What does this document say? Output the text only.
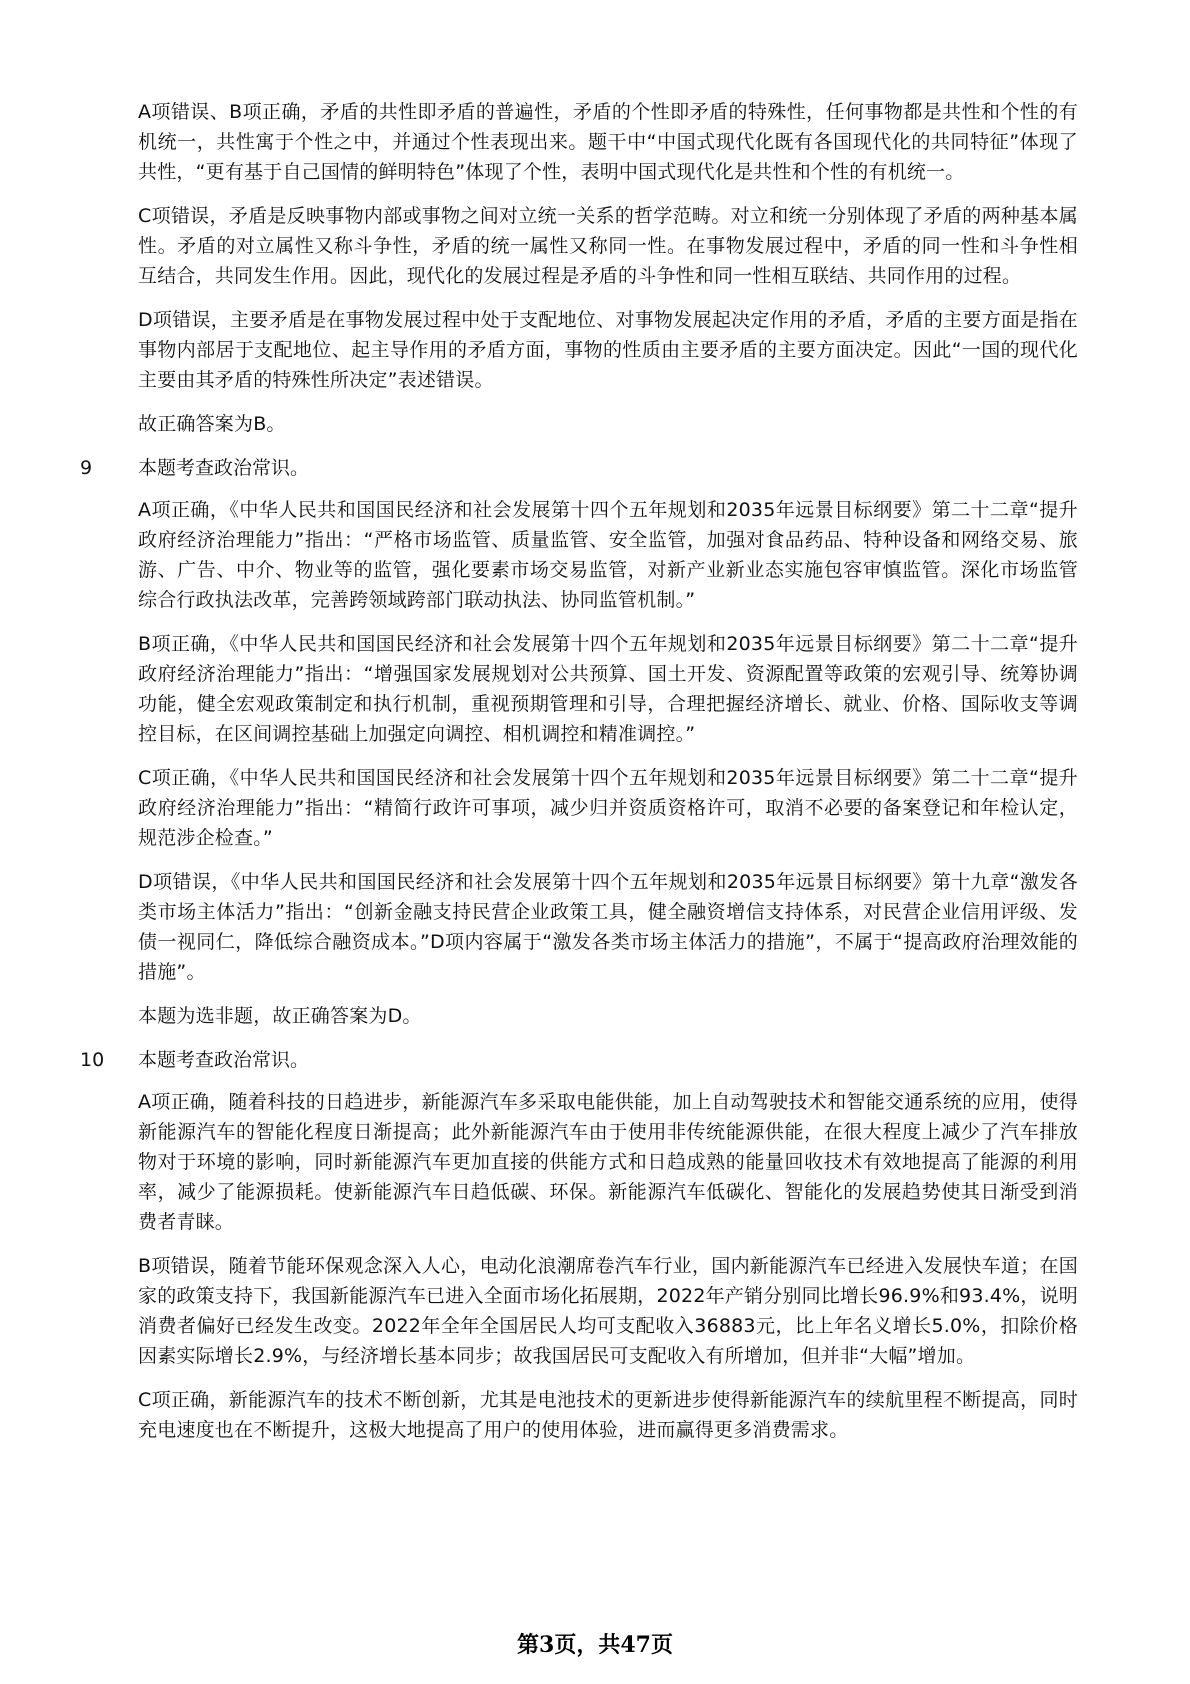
A项错误、B项正确，矛盾的共性即矛盾的普遍性，矛盾的个性即矛盾的特殊性，任何事物都是共性和个性的有机统一，共性寓于个性之中，并通过个性表现出来。题干中“中国式现代化既有各国现代化的共同特征”体现了共性，“更有基于自己国情的鲜明特色”体现了个性，表明中国式现代化是共性和个性的有机统一。

C项错误，矛盾是反映事物内部或事物之间对立统一关系的哲学范畴。对立和统一分别体现了矛盾的两种基本属性。矛盾的对立属性又称斗争性，矛盾的统一属性又称同一性。在事物发展过程中，矛盾的同一性和斗争性相互结合，共同发生作用。因此，现代化的发展过程是矛盾的斗争性和同一性相互联结、共同作用的过程。

D项错误，主要矛盾是在事物发展过程中处于支配地位、对事物发展起决定作用的矛盾，矛盾的主要方面是指在事物内部居于支配地位、起主导作用的矛盾方面，事物的性质由主要矛盾的主要方面决定。因此“一国的现代化主要由其矛盾的特殊性所决定”表述错误。

故正确答案为B。

9	本题考查政治常识。

A项正确，《中华人民共和国国民经济和社会发展第十四个五年规划和2035年远景目标纲要》第二十二章“提升政府经济治理能力”指出：“严格市场监管、质量监管、安全监管，加强对食品药品、特种设备和网络交易、旅游、广告、中介、物业等的监管，强化要素市场交易监管，对新产业新业态实施包容审慎监管。深化市场监管综合行政执法改革，完善跨领域跨部门联动执法、协同监管机制。”

B项正确，《中华人民共和国国民经济和社会发展第十四个五年规划和2035年远景目标纲要》第二十二章“提升政府经济治理能力”指出：“增强国家发展规划对公共预算、国土开发、资源配置等政策的宏观引导、统筹协调功能，健全宏观政策制定和执行机制，重视预期管理和引导，合理把握经济增长、就业、价格、国际收支等调控目标，在区间调控基础上加强定向调控、相机调控和精准调控。”

C项正确，《中华人民共和国国民经济和社会发展第十四个五年规划和2035年远景目标纲要》第二十二章“提升政府经济治理能力”指出：“精简行政许可事项，减少归并资质资格许可，取消不必要的备案登记和年检认定，规范涉企检查。”

D项错误，《中华人民共和国国民经济和社会发展第十四个五年规划和2035年远景目标纲要》第十九章“激发各类市场主体活力”指出：“创新金融支持民营企业政策工具，健全融资增信支持体系，对民营企业信用评级、发债一视同仁，降低综合融资成本。”D项内容属于“激发各类市场主体活力的措施”，不属于“提高政府治理效能的措施”。

本题为选非题，故正确答案为D。

10	本题考查政治常识。

A项正确，随着科技的日趋进步，新能源汽车多采取电能供能，加上自动驾驶技术和智能交通系统的应用，使得新能源汽车的智能化程度日渐提高；此外新能源汽车由于使用非传统能源供能，在很大程度上减少了汽车排放物对于环境的影响，同时新能源汽车更加直接的供能方式和日趋成熟的能量回收技术有效地提高了能源的利用率，减少了能源损耗。使新能源汽车日趋低碳、环保。新能源汽车低碳化、智能化的发展趋势使其日渐受到消费者青睐。

B项错误，随着节能环保观念深入人心，电动化浪潮席卷汽车行业，国内新能源汽车已经进入发展快车道；在国家的政策支持下，我国新能源汽车已进入全面市场化拓展期，2022年产销分别同比增长96.9%和93.4%，说明消费者偏好已经发生改变。2022年全年全国居民人均可支配收入36883元，比上年名义增长5.0%，扣除价格因素实际增长2.9%，与经济增长基本同步；故我国居民可支配收入有所增加，但并非“大幅”增加。

C项正确，新能源汽车的技术不断创新，尤其是电池技术的更新进步使得新能源汽车的续航里程不断提高，同时充电速度也在不断提升，这极大地提高了用户的使用体验，进而赢得更多消费需求。

第3页，共47页
